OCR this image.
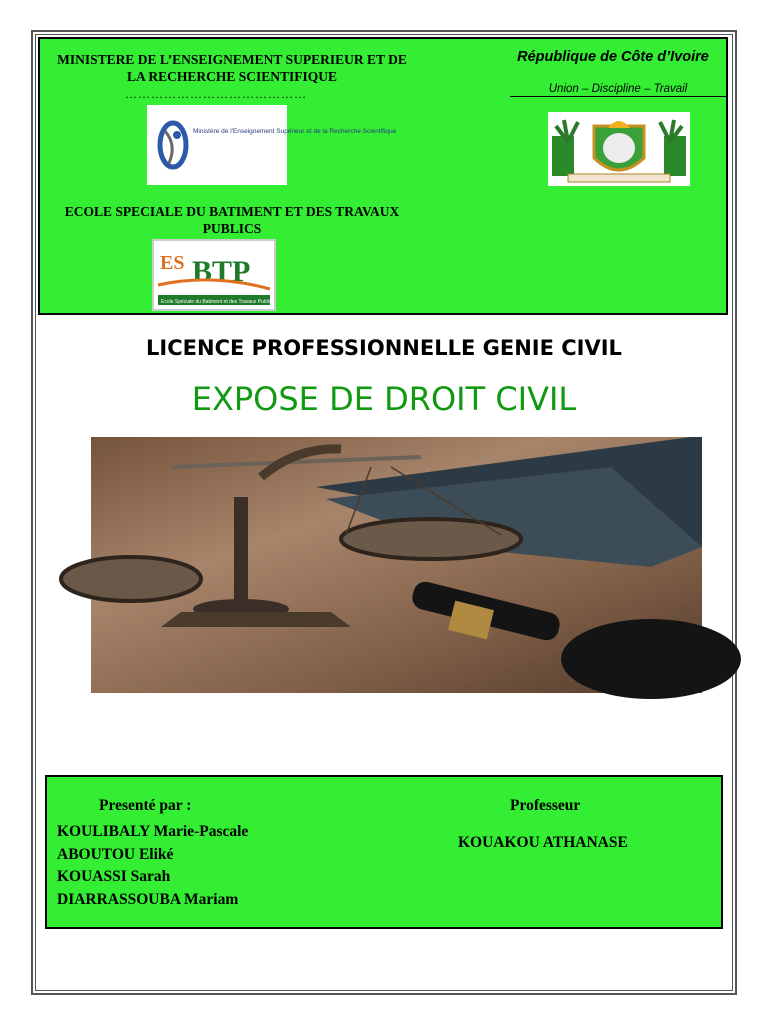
MINISTERE DE L’ENSEIGNEMENT SUPERIEUR ET DE LA RECHERCHE SCIENTIFIQUE
……………………………………
Ministère de l'Enseignement Supérieur et de la Recherche Scientifique
ECOLE SPECIALE DU BATIMENT ET DES TRAVAUX PUBLICS
ES BTP
Ecole Spéciale du Batiment et des Travaux Publics
République de Côte d’Ivoire
Union – Discipline – Travail
LICENCE PROFESSIONNELLE GENIE CIVIL
EXPOSE DE DROIT CIVIL
Presenté par :
KOULIBALY Marie-Pascale
ABOUTOU Eliké
KOUASSI Sarah
DIARRASSOUBA Mariam
Professeur
KOUAKOU ATHANASE
